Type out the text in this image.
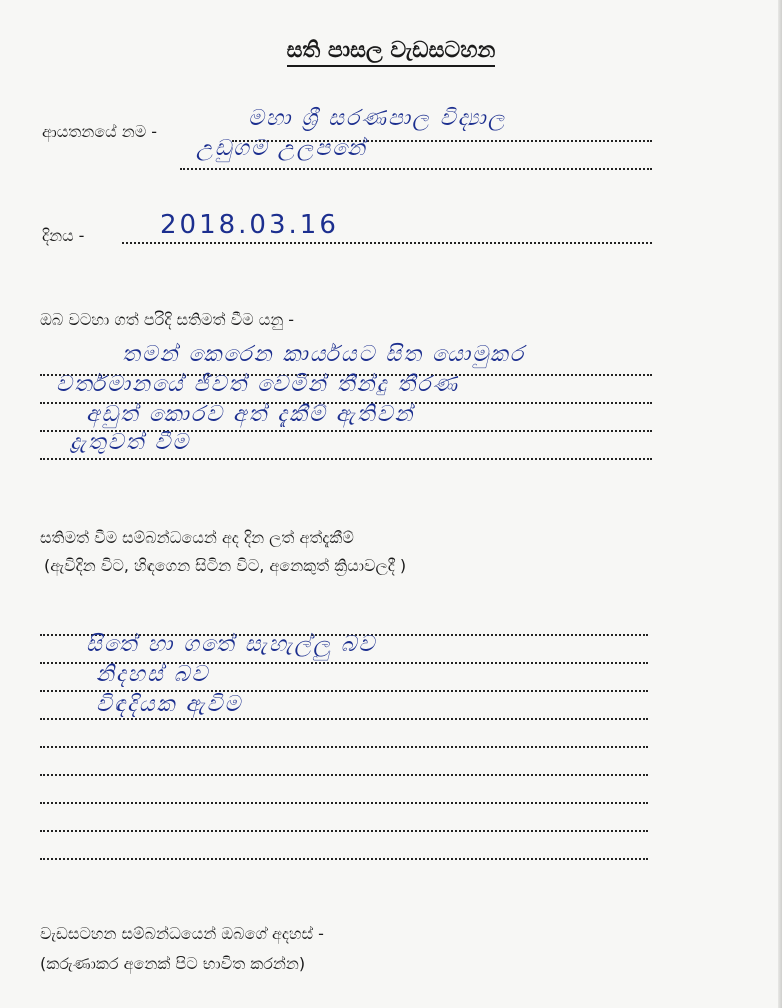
සති පාසල වැඩසටහන
ආයතනයේ නම -
මහා ශ්‍රී සරණපාල විද්‍යාල
උඩුගම උලපනේ
දිනය -	2018.03.16
ඔබ වටහා ගත් පරිදි සතිමත් වීම යනු -
තමන් කෙරෙන කාර්යයට සිත යොමුකර
වර්තමානයේ ජීවත් වෙමින් තීන්දු තීරණ
අඩුත් කොරව අත් දැකීම් ඇතිවන්
ද්‍රැතුවත් වීම
සතිමත් වීම සම්බන්ධයෙන් අද දින ලත් අත්දැකීම්
(ඇවිදින විට, හිඳගෙන සිටින විට, අනෙකුත් ක්‍රියාවලදී )
සිතේ හා ගතේ සැහැල්ලු බව
නිදහස් බව
විඳදියක ඇවිම
වැඩසටහන සම්බන්ධයෙන් ඔබගේ අදහස් -
(කරුණාකර අනෙක් පිට භාවිත කරන්න)
